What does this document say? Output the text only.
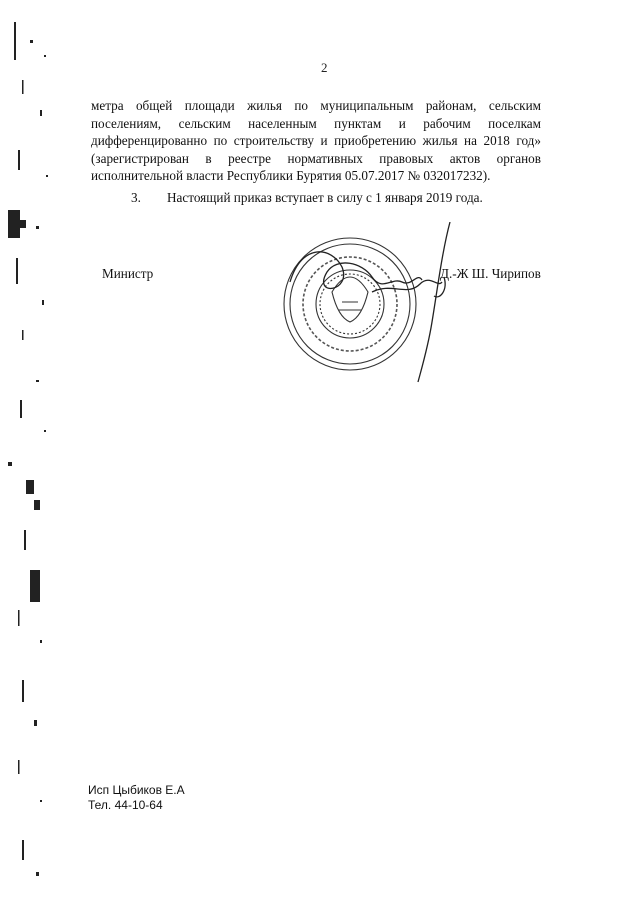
2
метра общей площади жилья по муниципальным районам, сельским
поселениям, сельским населенным пунктам и рабочим поселкам
дифференцированно по строительству и приобретению жилья на 2018 год»
(зарегистрирован в реестре нормативных правовых актов органов
исполнительной власти Республики Бурятия 05.07.2017 № 032017232).
3. Настоящий приказ вступает в силу с 1 января 2019 года.
Министр	Д.-Ж Ш. Чирипов
Исп Цыбиков Е.А
Тел. 44-10-64
